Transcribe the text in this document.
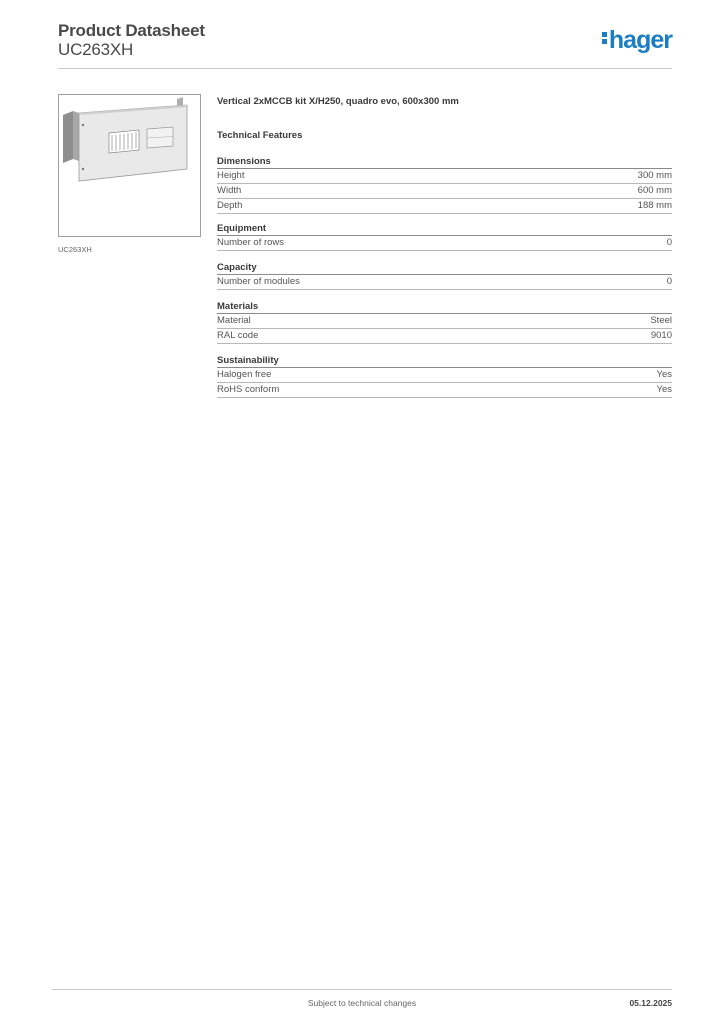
Product Datasheet
UC263XH	hager
UC263XH
Vertical 2xMCCB kit X/H250, quadro evo, 600x300 mm
Technical Features
Dimensions
Height	300 mm
Width	600 mm
Depth	188 mm
Equipment
Number of rows	0
Capacity
Number of modules	0
Materials
Material	Steel
RAL code	9010
Sustainability
Halogen free	Yes
RoHS conform	Yes
Subject to technical changes	05.12.2025
